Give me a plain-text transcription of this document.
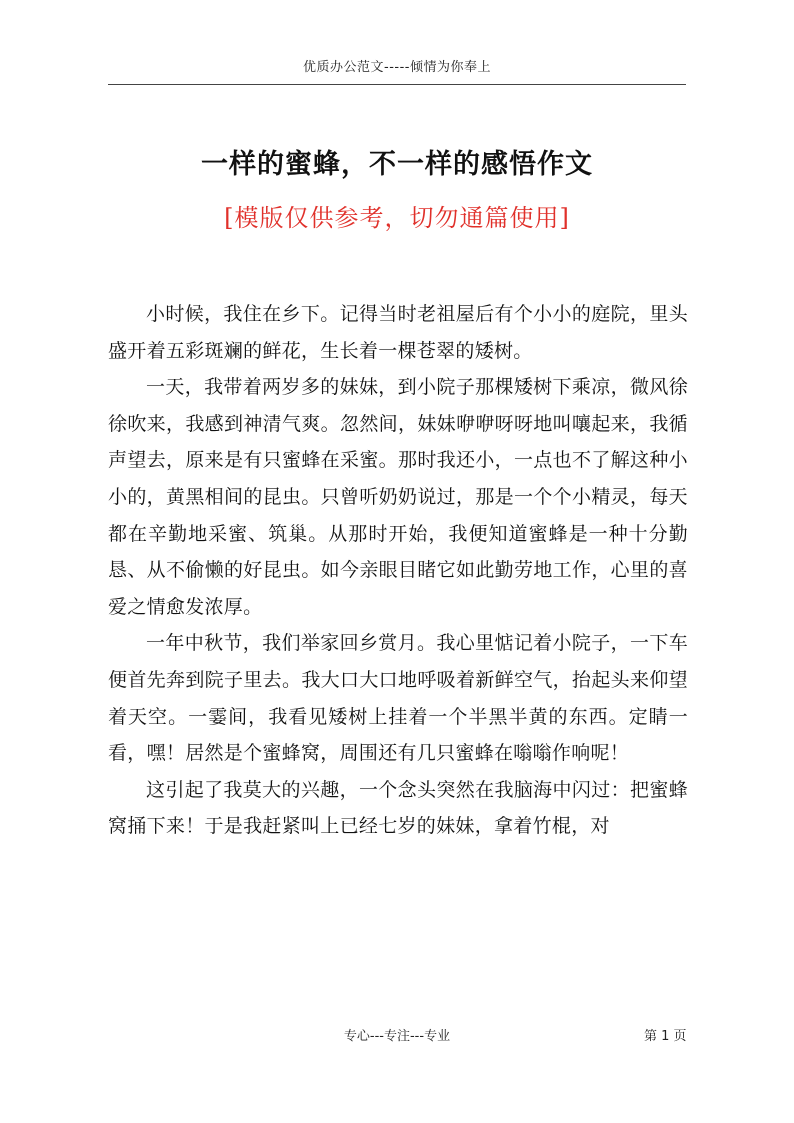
优质办公范文-----倾情为你奉上
一样的蜜蜂，不一样的感悟作文
[模版仅供参考，切勿通篇使用]

小时候，我住在乡下。记得当时老祖屋后有个小小的庭院，里头盛开着五彩斑斓的鲜花，生长着一棵苍翠的矮树。

一天，我带着两岁多的妹妹，到小院子那棵矮树下乘凉，微风徐徐吹来，我感到神清气爽。忽然间，妹妹咿咿呀呀地叫嚷起来，我循声望去，原来是有只蜜蜂在采蜜。那时我还小，一点也不了解这种小小的，黄黑相间的昆虫。只曾听奶奶说过，那是一个个小精灵，每天都在辛勤地采蜜、筑巢。从那时开始，我便知道蜜蜂是一种十分勤恳、从不偷懒的好昆虫。如今亲眼目睹它如此勤劳地工作，心里的喜爱之情愈发浓厚。

一年中秋节，我们举家回乡赏月。我心里惦记着小院子，一下车便首先奔到院子里去。我大口大口地呼吸着新鲜空气，抬起头来仰望着天空。一霎间，我看见矮树上挂着一个半黑半黄的东西。定睛一看，嘿！居然是个蜜蜂窝，周围还有几只蜜蜂在嗡嗡作响呢！

这引起了我莫大的兴趣，一个念头突然在我脑海中闪过：把蜜蜂窝捅下来！于是我赶紧叫上已经七岁的妹妹，拿着竹棍，对

专心---专注---专业	第 1 页
